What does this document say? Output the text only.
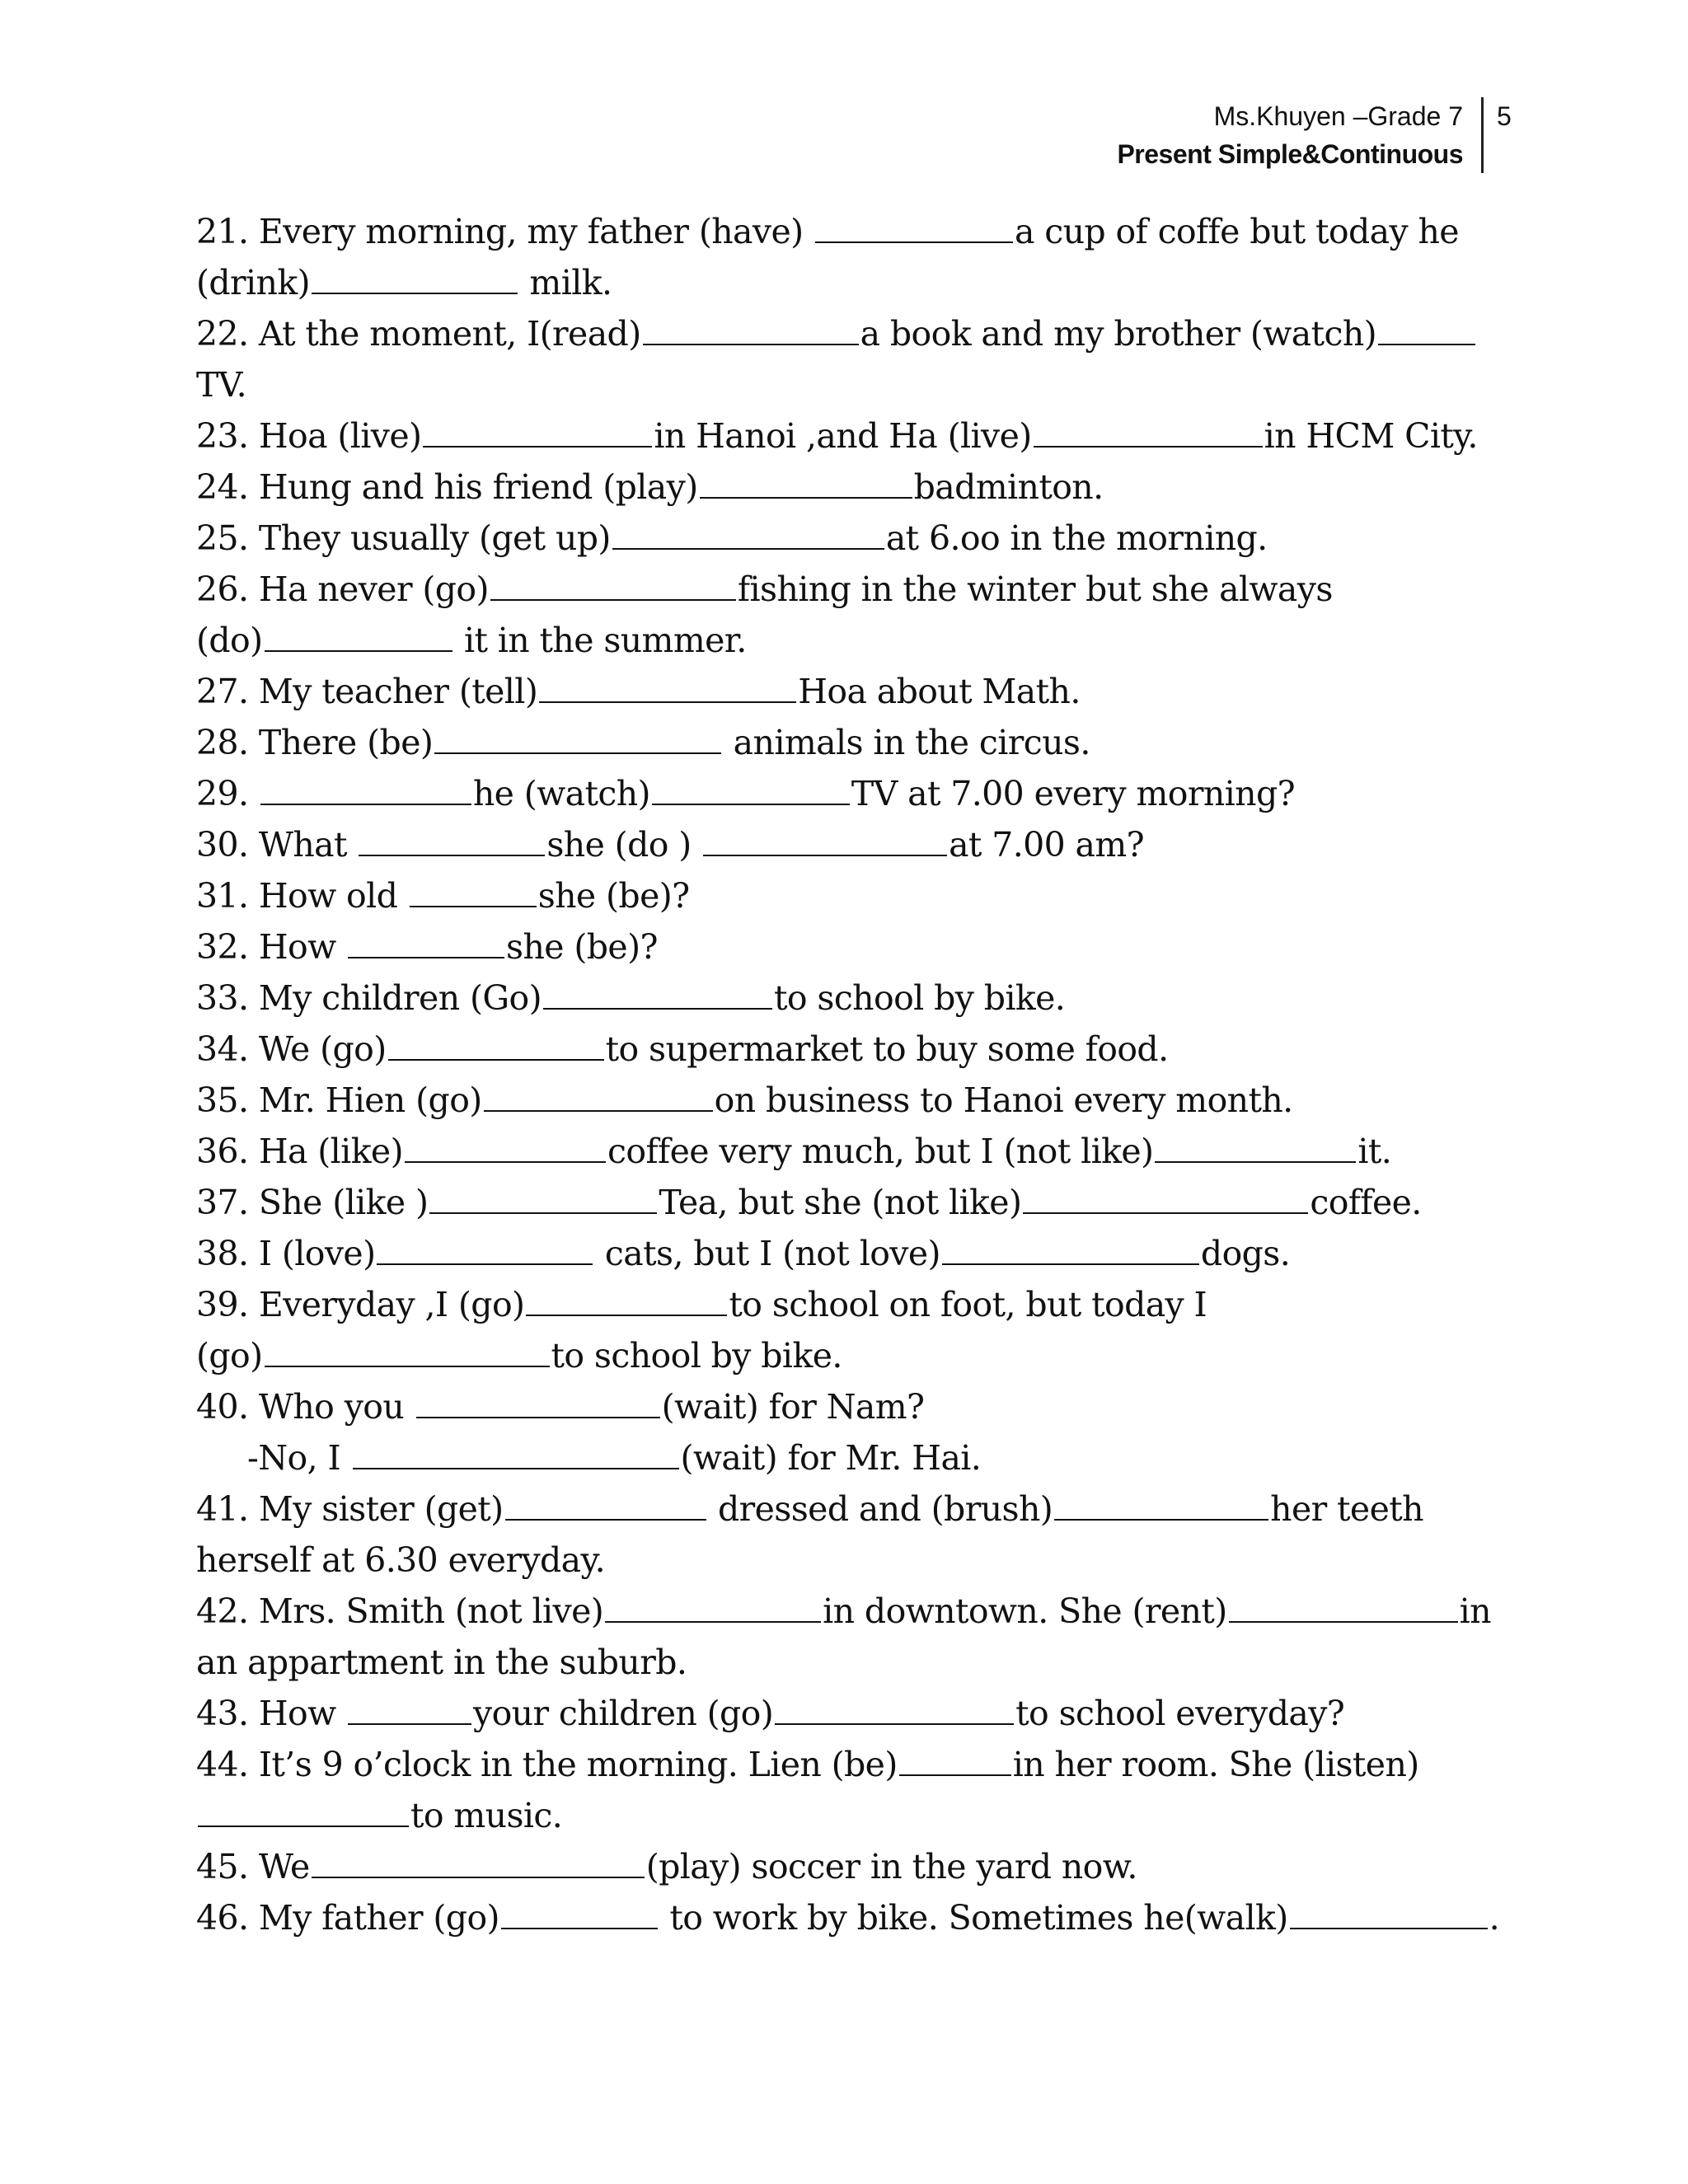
Ms.Khuyen –Grade 7
Present Simple&Continuous
5
21. Every morning, my father (have)	a cup of coffe but today he
(drink)	milk.
22. At the moment, I(read)	a book and my brother (watch)
TV.
23. Hoa (live)	in Hanoi ,and Ha (live)	in HCM City.
24. Hung and his friend (play)	badminton.
25. They usually (get up)	at 6.oo in the morning.
26. Ha never (go)	fishing in the winter but she always
(do)	it in the summer.
27. My teacher (tell)	Hoa about Math.
28. There (be)	animals in the circus.
29.	he (watch)	TV at 7.00 every morning?
30. What	she (do )	at 7.00 am?
31. How old	she (be)?
32. How	she (be)?
33. My children (Go)	to school by bike.
34. We (go)	to supermarket to buy some food.
35. Mr. Hien (go)	on business to Hanoi every month.
36. Ha (like)	coffee very much, but I (not like)	it.
37. She (like )	Tea, but she (not like)	coffee.
38. I (love)	cats, but I (not love)	dogs.
39. Everyday ,I (go)	to school on foot, but today I
(go)	to school by bike.
40. Who you	(wait) for Nam?
-No, I	(wait) for Mr. Hai.
41. My sister (get)	dressed and (brush)	her teeth
herself at 6.30 everyday.
42. Mrs. Smith (not live)	in downtown. She (rent)	in
an appartment in the suburb.
43. How	your children (go)	to school everyday?
44. It’s 9 o’clock in the morning. Lien (be)	in her room. She (listen)
to music.
45. We	(play) soccer in the yard now.
46. My father (go)	to work by bike. Sometimes he(walk)	.
